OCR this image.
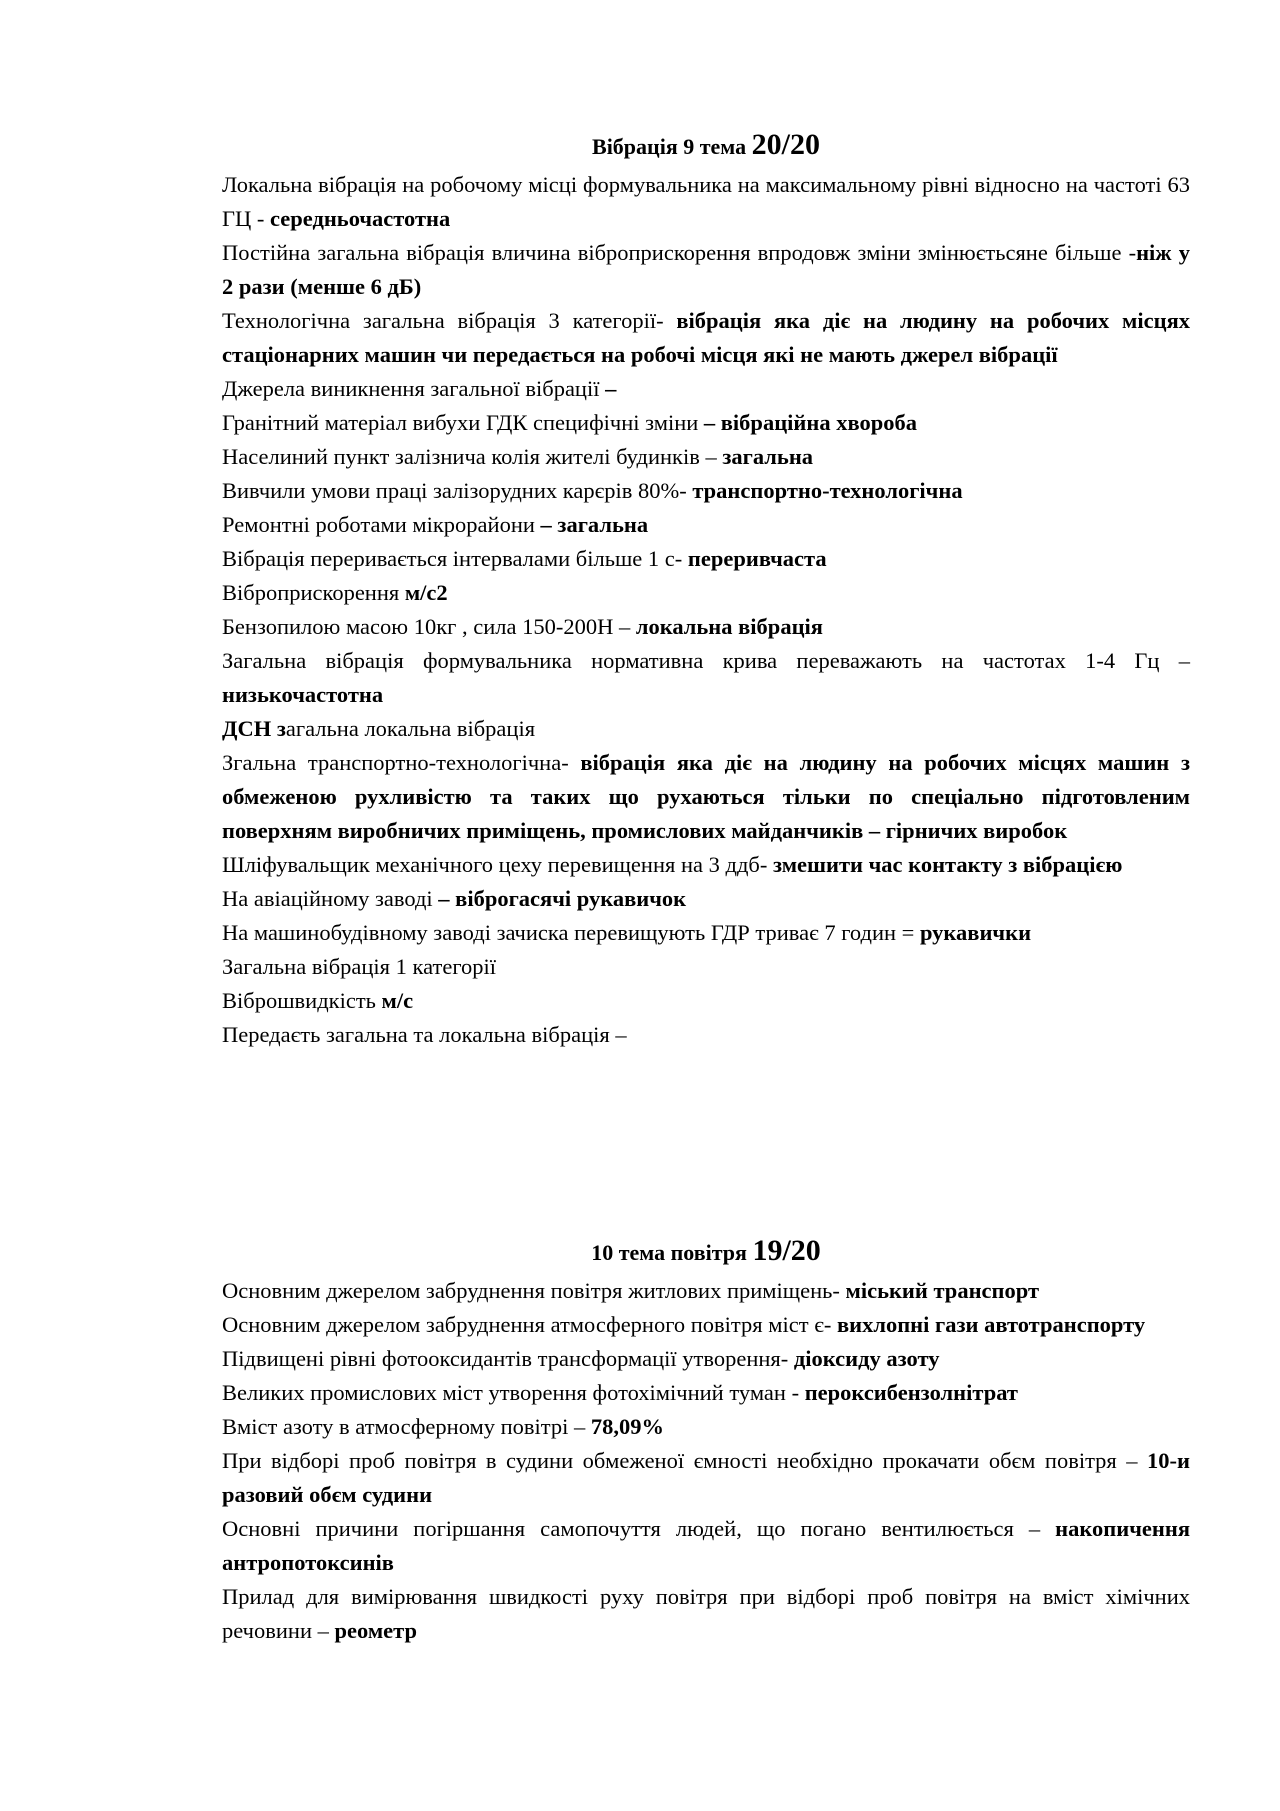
Вібрація 9 тема 20/20

Локальна вібрація на робочому місці формувальника на максимальному рівні відносно на частоті 63 ГЦ - середньочастотна

Постійна загальна вібрація вличина віброприскорення впродовж зміни змінюєтьсяне більше -ніж у 2 рази (менше 6 дБ)

Технологічна загальна вібрація 3 категорії- вібрація яка діє на людину на робочих місцях стаціонарних машин чи передається на робочі місця які не мають джерел вібрації

Джерела виникнення загальної вібрації –

Гранітний матеріал вибухи ГДК специфічні зміни – вібраційна хвороба

Населиний пункт залізнича колія жителі будинків – загальна

Вивчили умови праці залізорудних карєрів 80%- транспортно-технологічна

Ремонтні роботами мікрорайони – загальна

Вібрація переривається інтервалами більше 1 с- переривчаста

Віброприскорення м/с2

Бензопилою масою 10кг , сила 150-200Н – локальна вібрація

Загальна вібрація формувальника нормативна крива переважають на частотах 1-4 Гц – низькочастотна

ДСН загальна локальна вібрація

Згальна транспортно-технологічна- вібрація яка діє на людину на робочих місцях машин з обмеженою рухливістю та таких що рухаються тільки по спеціально підготовленим поверхням виробничих приміщень, промислових майданчиків – гірничих виробок

Шліфувальщик механічного цеху перевищення на 3 ддб- змешити час контакту з вібрацією

На авіаційному заводі – віброгасячі рукавичок

На машинобудівному заводі зачиска перевищують ГДР триває 7 годин = рукавички

Загальна вібрація 1 категорії

Віброшвидкість м/с

Передаєть загальна та локальна вібрація –

10 тема повітря 19/20

Основним джерелом забруднення повітря житлових приміщень- міський транспорт

Основним джерелом забруднення атмосферного повітря міст є- вихлопні гази автотранспорту

Підвищені рівні фотооксидантів трансформації утворення- діоксиду азоту

Великих промислових міст утворення фотохімічний туман - пероксибензолнітрат

Вміст азоту в атмосферному повітрі – 78,09%

При відборі проб повітря в судини обмеженої ємності необхідно прокачати обєм повітря – 10-и разовий обєм судини

Основні причини погіршання самопочуття людей, що погано вентилюється – накопичення антропотоксинів

Прилад для вимірювання швидкості руху повітря при відборі проб повітря на вміст хімічних речовини – реометр
